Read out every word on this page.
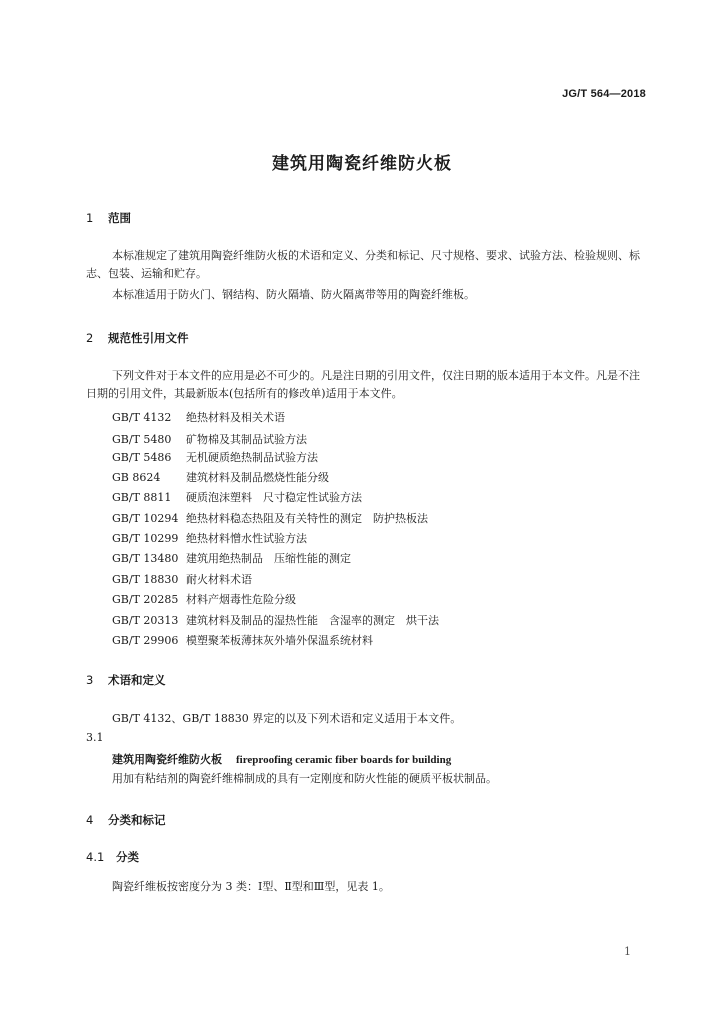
JG/T 564—2018
建筑用陶瓷纤维防火板
1 范围
本标准规定了建筑用陶瓷纤维防火板的术语和定义、分类和标记、尺寸规格、要求、试验方法、检验规则、标志、包装、运输和贮存。
本标准适用于防火门、钢结构、防火隔墙、防火隔离带等用的陶瓷纤维板。
2 规范性引用文件
下列文件对于本文件的应用是必不可少的。凡是注日期的引用文件，仅注日期的版本适用于本文件。凡是不注日期的引用文件，其最新版本(包括所有的修改单)适用于本文件。
GB/T 4132 绝热材料及相关术语
GB/T 5480 矿物棉及其制品试验方法
GB/T 5486 无机硬质绝热制品试验方法
GB 8624 建筑材料及制品燃烧性能分级
GB/T 8811 硬质泡沫塑料　尺寸稳定性试验方法
GB/T 10294 绝热材料稳态热阻及有关特性的测定　防护热板法
GB/T 10299 绝热材料憎水性试验方法
GB/T 13480 建筑用绝热制品　压缩性能的测定
GB/T 18830 耐火材料术语
GB/T 20285 材料产烟毒性危险分级
GB/T 20313 建筑材料及制品的湿热性能　含湿率的测定　烘干法
GB/T 29906 模塑聚苯板薄抹灰外墙外保温系统材料
3 术语和定义
GB/T 4132、GB/T 18830 界定的以及下列术语和定义适用于本文件。
3.1
建筑用陶瓷纤维防火板 fireproofing ceramic fiber boards for building
用加有粘结剂的陶瓷纤维棉制成的具有一定刚度和防火性能的硬质平板状制品。
4 分类和标记
4.1 分类
陶瓷纤维板按密度分为 3 类：Ⅰ型、Ⅱ型和Ⅲ型，见表 1。
1
